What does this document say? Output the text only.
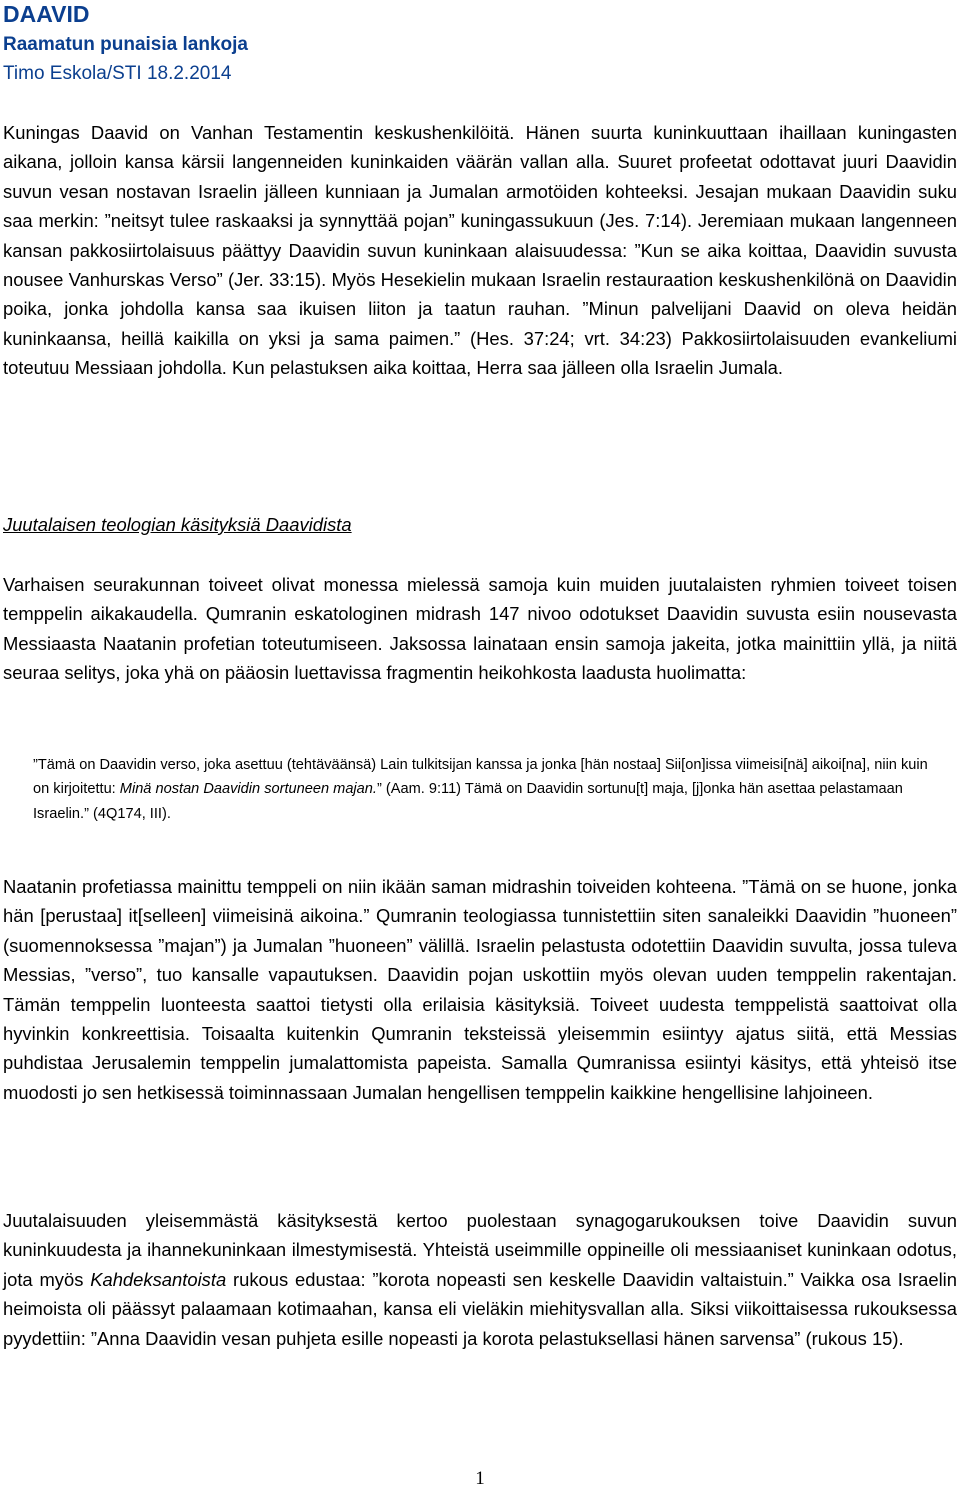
DAAVID
Raamatun punaisia lankoja
Timo Eskola/STI 18.2.2014

Kuningas Daavid on Vanhan Testamentin keskushenkilöitä. Hänen suurta kuninkuuttaan ihaillaan kuningasten aikana, jolloin kansa kärsii langenneiden kuninkaiden väärän vallan alla. Suuret profeetat odottavat juuri Daavidin suvun vesan nostavan Israelin jälleen kunniaan ja Jumalan armotöiden kohteeksi. Jesajan mukaan Daavidin suku saa merkin: ”neitsyt tulee raskaaksi ja synnyttää pojan” kuningassukuun (Jes. 7:14). Jeremiaan mukaan langenneen kansan pakkosiirtolaisuus päättyy Daavidin suvun kuninkaan alaisuudessa: ”Kun se aika koittaa, Daavidin suvusta nousee Vanhurskas Verso” (Jer. 33:15). Myös Hesekielin mukaan Israelin restauraation keskushenkilönä on Daavidin poika, jonka johdolla kansa saa ikuisen liiton ja taatun rauhan. ”Minun palvelijani Daavid on oleva heidän kuninkaansa, heillä kaikilla on yksi ja sama paimen.” (Hes. 37:24; vrt. 34:23) Pakkosiirtolaisuuden evankeliumi toteutuu Messiaan johdolla. Kun pelastuksen aika koittaa, Herra saa jälleen olla Israelin Jumala.

Juutalaisen teologian käsityksiä Daavidista

Varhaisen seurakunnan toiveet olivat monessa mielessä samoja kuin muiden juutalaisten ryhmien toiveet toisen temppelin aikakaudella. Qumranin eskatologinen midrash 147 nivoo odotukset Daavidin suvusta esiin nousevasta Messiaasta Naatanin profetian toteutumiseen. Jaksossa lainataan ensin samoja jakeita, jotka mainittiin yllä, ja niitä seuraa selitys, joka yhä on pääosin luettavissa fragmentin heikohkosta laadusta huolimatta:

”Tämä on Daavidin verso, joka asettuu (tehtäväänsä) Lain tulkitsijan kanssa ja jonka [hän nostaa] Sii[on]issa viimeisi[nä] aikoi[na], niin kuin on kirjoitettu: Minä nostan Daavidin sortuneen majan.” (Aam. 9:11) Tämä on Daavidin sortunu[t] maja, [j]onka hän asettaa pelastamaan Israelin.” (4Q174, III).

Naatanin profetiassa mainittu temppeli on niin ikään saman midrashin toiveiden kohteena. ”Tämä on se huone, jonka hän [perustaa] it[selleen] viimeisinä aikoina.” Qumranin teologiassa tunnistettiin siten sanaleikki Daavidin ”huoneen” (suomennoksessa ”majan”) ja Jumalan ”huoneen” välillä. Israelin pelastusta odotettiin Daavidin suvulta, jossa tuleva Messias, ”verso”, tuo kansalle vapautuksen. Daavidin pojan uskottiin myös olevan uuden temppelin rakentajan. Tämän temppelin luonteesta saattoi tietysti olla erilaisia käsityksiä. Toiveet uudesta temppelistä saattoivat olla hyvinkin konkreettisia. Toisaalta kuitenkin Qumranin teksteissä yleisemmin esiintyy ajatus siitä, että Messias puhdistaa Jerusalemin temppelin jumalattomista papeista. Samalla Qumranissa esiintyi käsitys, että yhteisö itse muodosti jo sen hetkisessä toiminnassaan Jumalan hengellisen temppelin kaikkine hengellisine lahjoineen.

Juutalaisuuden yleisemmästä käsityksestä kertoo puolestaan synagogarukouksen toive Daavidin suvun kuninkuudesta ja ihannekuninkaan ilmestymisestä. Yhteistä useimmille oppineille oli messiaaniset kuninkaan odotus, jota myös Kahdeksantoista rukous edustaa: ”korota nopeasti sen keskelle Daavidin valtaistuin.” Vaikka osa Israelin heimoista oli päässyt palaamaan kotimaahan, kansa eli vieläkin miehitysvallan alla. Siksi viikoittaisessa rukouksessa pyydettiin: ”Anna Daavidin vesan puhjeta esille nopeasti ja korota pelastuksellasi hänen sarvensa” (rukous 15).

1
